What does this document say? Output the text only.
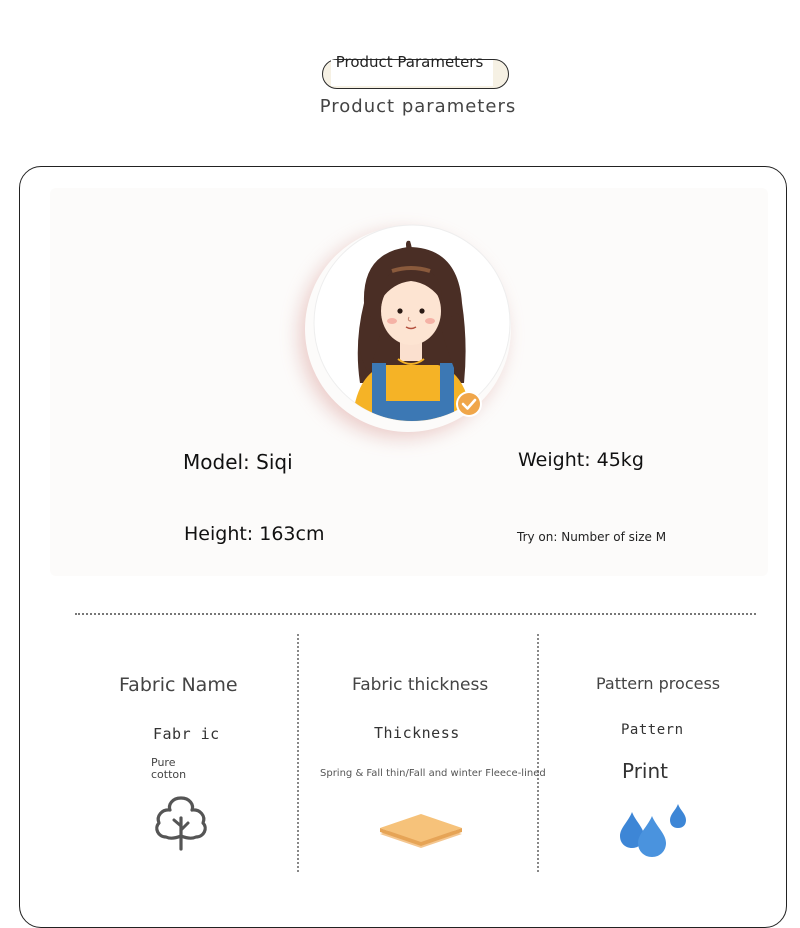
Product Parameters
Product parameters
Model: Siqi	Weight: 45kg
Height: 163cm	Try on: Number of size M
Fabric Name
Fabr ic
Pure
cotton
Fabric thickness
Thickness
Spring & Fall thin/Fall and winter Fleece-lined
Pattern process
Pattern
Print
